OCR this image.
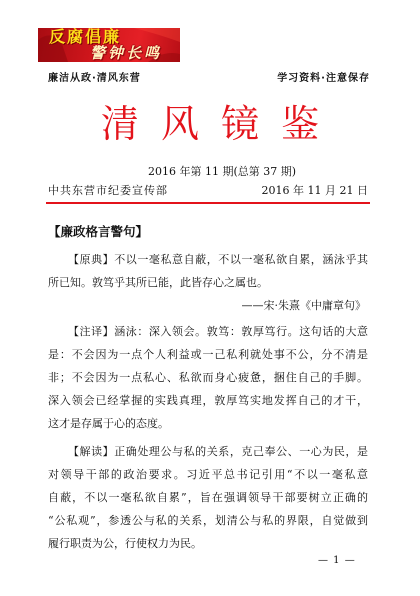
反腐倡廉
警钟长鸣
廉洁从政·清风东营	学习资料·注意保存
清 风 镜 鉴
2016 年第 11 期(总第 37 期)
中共东营市纪委宣传部	2016 年 11 月 21 日
【廉政格言警句】
【原典】不以一毫私意自蔽，不以一毫私欲自累，涵泳乎其
所已知。敦笃乎其所已能，此皆存心之属也。
——宋·朱熹《中庸章句》
【注译】涵泳：深入领会。敦笃：敦厚笃行。这句话的大意
是：不会因为一点个人利益或一己私利就处事不公，分不清是
非；不会因为一点私心、私欲而身心疲惫，捆住自己的手脚。
深入领会已经掌握的实践真理，敦厚笃实地发挥自己的才干，
这才是存属于心的态度。
【解读】正确处理公与私的关系，克己奉公、一心为民，是
对领导干部的政治要求。习近平总书记引用“不以一毫私意
自蔽，不以一毫私欲自累”，旨在强调领导干部要树立正确的
“公私观”，参透公与私的关系，划清公与私的界限，自觉做到
履行职责为公，行使权力为民。
— 1 —
